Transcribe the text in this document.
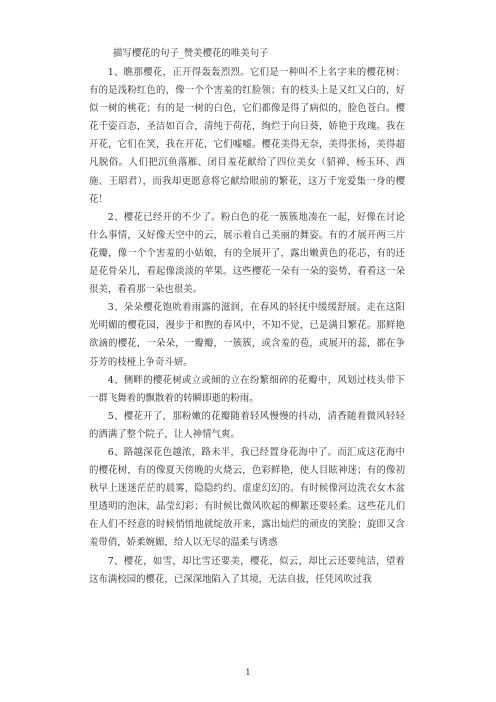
描写樱花的句子_赞美樱花的唯美句子

1、瞧那樱花，正开得轰轰烈烈。它们是一种叫不上名字来的樱花树：有的是浅粉红色的，像一个个害羞的红脸领；有的枝头上是又红又白的，好似一树的桃花；有的是一树的白色，它们都像是得了病似的，脸色苍白。樱花千姿百态，圣洁如百合，清纯于荷花，绚烂于向日葵，娇艳于玫瑰。我在开花，它们在笑，我在开花，它们嘘嘘。樱花美得无奈，美得张扬，美得超凡脱俗。人们把沉鱼落雁、闭目羞花献给了四位美女（貂禅、杨玉环、西施、王昭君），而我却更愿意将它献给眼前的繁花，这万千宠爱集一身的樱花！

2、樱花已经开的不少了。粉白色的花一簇簇地凑在一起，好像在讨论什么事情，又好像天空中的云，展示着自己美丽的舞姿。有的才展开两三片花瓣，像一个个害羞的小姑娘，有的全展开了，露出嫩黄色的花芯，有的还是花骨朵儿，看起像淡淡的苹果。这些樱花一朵有一朵的姿势，看看这一朵很美，看看那一朵也很美。

3、朵朵樱花饱吮着雨露的滋润，在春风的轻抚中缓缓舒展。走在这阳光明媚的樱花园，漫步于和煦的春风中，不知不觉，已是满目繁花。那鲜艳欲滴的樱花，一朵朵，一瓣瓣，一簇簇，或含羞的苞，或展开的蕊，都在争芬芳的枝桠上争奇斗妍。

4、侧畔的樱花树或立或倾的立在纷繁细碎的花瓣中，风划过枝头带下一群飞舞着的飘散着的转瞬即逝的粉雨。

5、樱花开了，那粉嫩的花瓣随着轻风慢慢的抖动，清香随着微风轻轻的洒满了整个院子，让人神情气爽。

6、路越深花色越浓，路未半，我已经置身花海中了。而汇成这花海中的樱花树，有的像夏天傍晚的火烧云，色彩鲜艳，使人目眩神迷；有的像初秋早上迷迷茫茫的晨雾，隐隐约约、虚虚幻幻的。有时候像河边洗衣女木盆里透明的泡沫，晶莹幻彩；有时候比微风吹起的柳絮还要轻柔。这些花儿们在人们不经意的时候悄悄地就绽放开来，露出灿烂的顽皮的笑脸；旋即又含羞带俏，娇柔婉媚，给人以无尽的温柔与诱惑

7、樱花，如雪，却比雪还要美，樱花，似云，却比云还要纯洁，望着这布满校园的樱花，已深深地陷入了其境，无法自拔，任凭风吹过我

1
